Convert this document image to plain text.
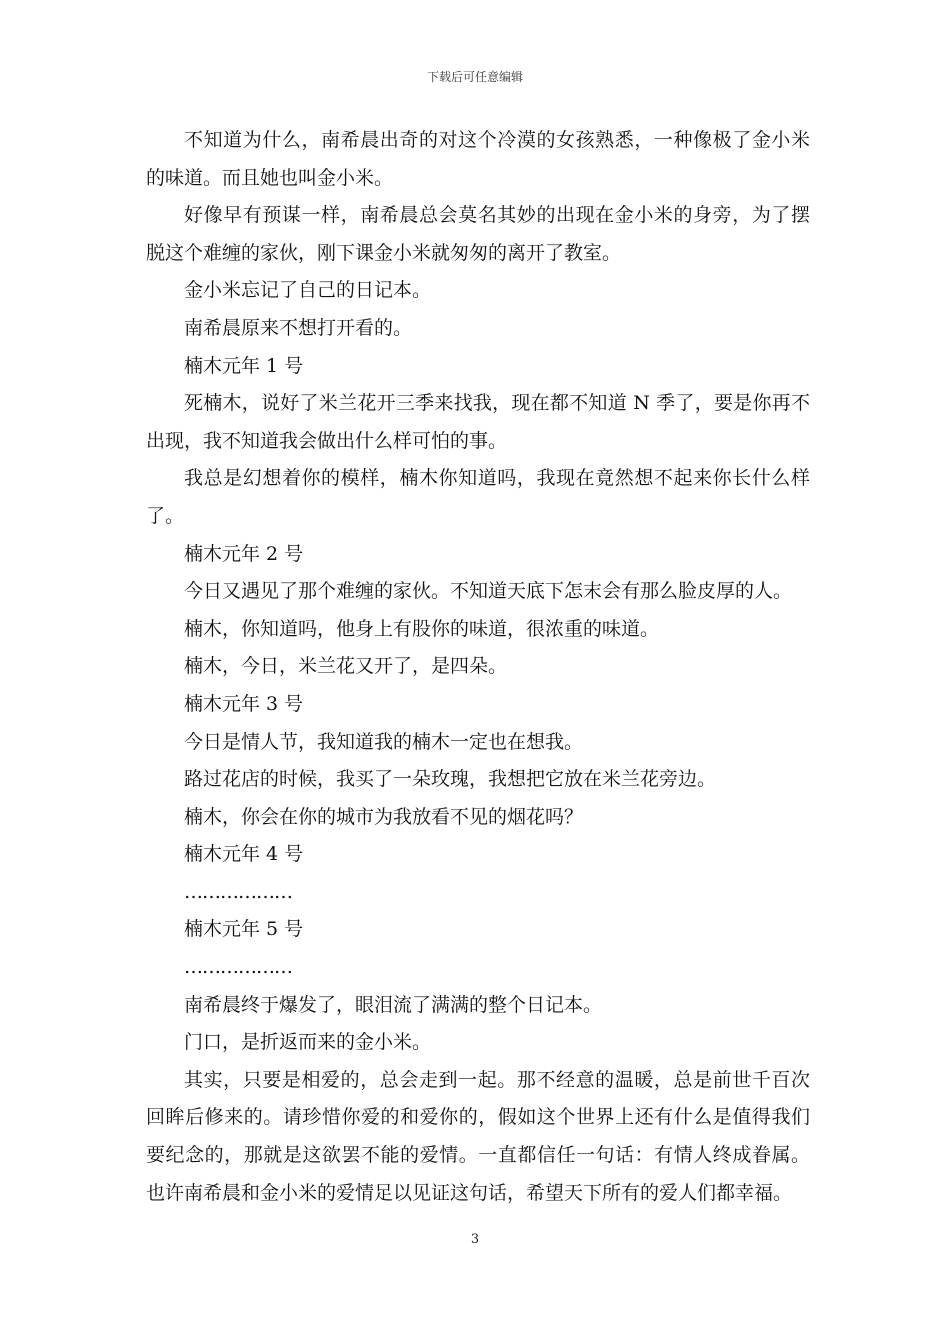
下载后可任意编辑

不知道为什么，南希晨出奇的对这个冷漠的女孩熟悉，一种像极了金小米的味道。而且她也叫金小米。

好像早有预谋一样，南希晨总会莫名其妙的出现在金小米的身旁，为了摆脱这个难缠的家伙，刚下课金小米就匆匆的离开了教室。

金小米忘记了自己的日记本。

南希晨原来不想打开看的。

楠木元年 1 号

死楠木，说好了米兰花开三季来找我，现在都不知道 N 季了，要是你再不出现，我不知道我会做出什么样可怕的事。

我总是幻想着你的模样，楠木你知道吗，我现在竟然想不起来你长什么样了。

楠木元年 2 号

今日又遇见了那个难缠的家伙。不知道天底下怎末会有那么脸皮厚的人。

楠木，你知道吗，他身上有股你的味道，很浓重的味道。

楠木，今日，米兰花又开了，是四朵。

楠木元年 3 号

今日是情人节，我知道我的楠木一定也在想我。

路过花店的时候，我买了一朵玫瑰，我想把它放在米兰花旁边。

楠木，你会在你的城市为我放看不见的烟花吗？

楠木元年 4 号

………………

楠木元年 5 号

………………

南希晨终于爆发了，眼泪流了满满的整个日记本。

门口，是折返而来的金小米。

其实，只要是相爱的，总会走到一起。那不经意的温暖，总是前世千百次回眸后修来的。请珍惜你爱的和爱你的，假如这个世界上还有什么是值得我们要纪念的，那就是这欲罢不能的爱情。一直都信任一句话：有情人终成眷属。也许南希晨和金小米的爱情足以见证这句话，希望天下所有的爱人们都幸福。

3
